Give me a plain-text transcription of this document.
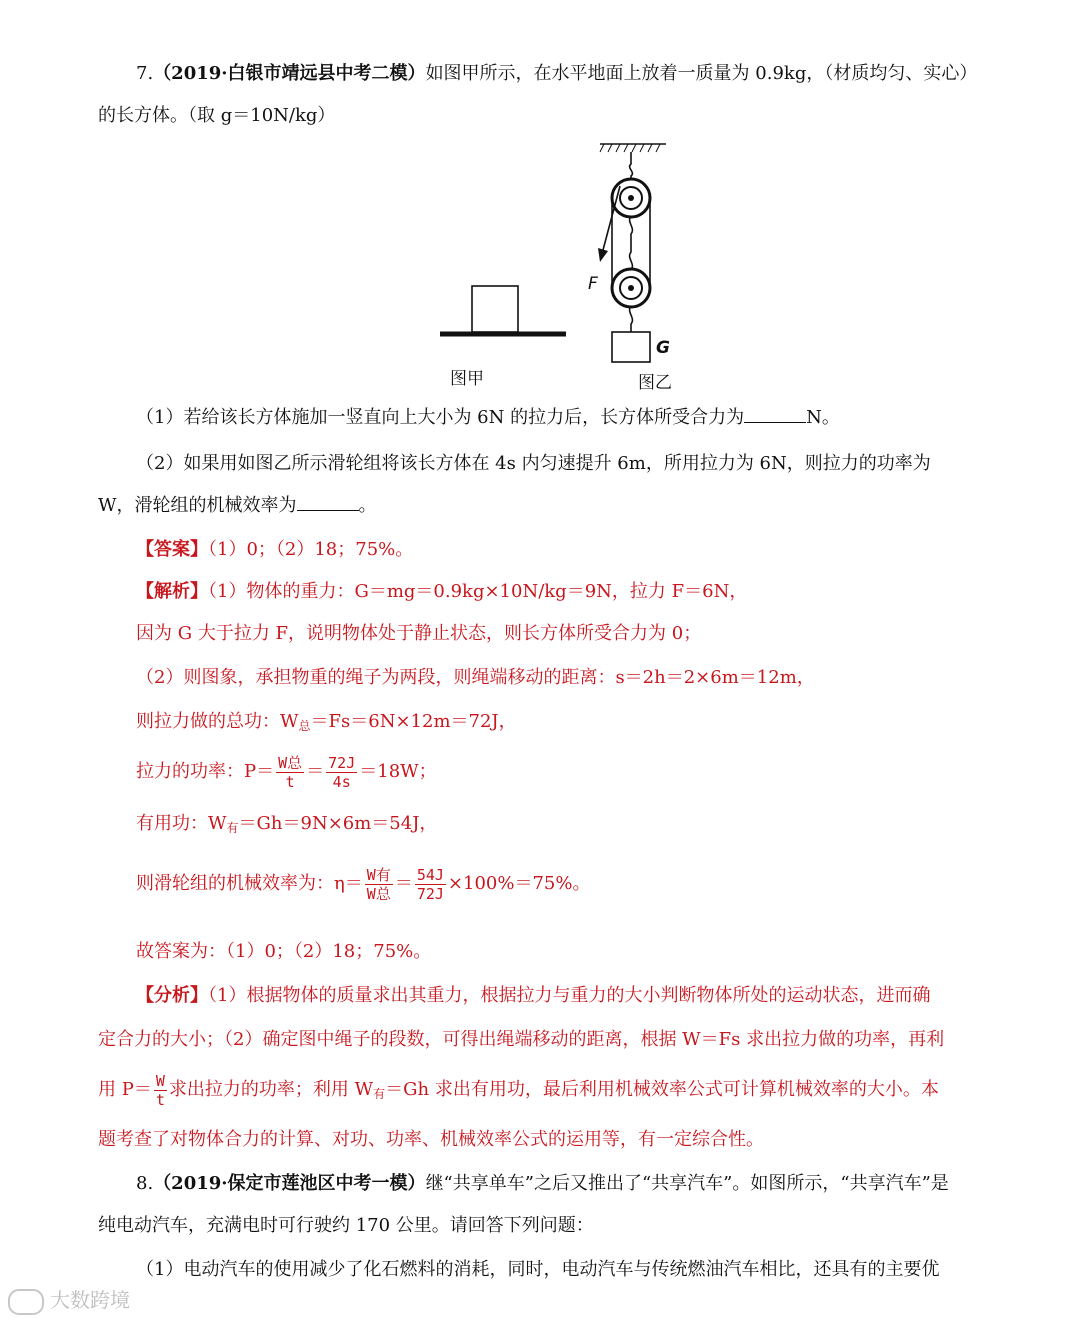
7.（2019·白银市靖远县中考二模）如图甲所示，在水平地面上放着一质量为 0.9kg，（材质均匀、实心）
的长方体。（取 g＝10N/kg）
F
G
图甲	图乙
（1）若给该长方体施加一竖直向上大小为 6N 的拉力后，长方体所受合力为	N。
（2）如果用如图乙所示滑轮组将该长方体在 4s 内匀速提升 6m，所用拉力为 6N，则拉力的功率为
W，滑轮组的机械效率为	。
【答案】（1）0；（2）18；75%。
【解析】（1）物体的重力：G＝mg＝0.9kg×10N/kg＝9N，拉力 F＝6N，
因为 G 大于拉力 F，说明物体处于静止状态，则长方体所受合力为 0；
（2）则图象，承担物重的绳子为两段，则绳端移动的距离：s＝2h＝2×6m＝12m，
则拉力做的总功：$W_总=Fs=6N\times 12m=72J$，
拉力的功率：$P= \frac{\text{W总}}{t} = \frac{72J}{4s} =18W$；
有用功：$W_有=Gh=9N\times 6m=54J$，
则滑轮组的机械效率为：$\eta= \frac{\text{W有}}{\text{W总}} = \frac{54J}{72J} \times 100\%=75\%$。
故答案为：（1）0；（2）18；75%。
【分析】（1）根据物体的质量求出其重力，根据拉力与重力的大小判断物体所处的运动状态，进而确
定合力的大小；（2）确定图中绳子的段数，可得出绳端移动的距离，根据 W＝Fs 求出拉力做的功率，再利
用 $P= \frac{W}{t}$ 求出拉力的功率；利用 $W_有=Gh$ 求出有用功，最后利用机械效率公式可计算机械效率的大小。本
题考查了对物体合力的计算、对功、功率、机械效率公式的运用等，有一定综合性。
8.（2019·保定市莲池区中考一模）继“共享单车”之后又推出了“共享汽车”。如图所示，“共享汽车”是
纯电动汽车，充满电时可行驶约 170 公里。请回答下列问题：
（1）电动汽车的使用减少了化石燃料的消耗，同时，电动汽车与传统燃油汽车相比，还具有的主要优
大数跨境
